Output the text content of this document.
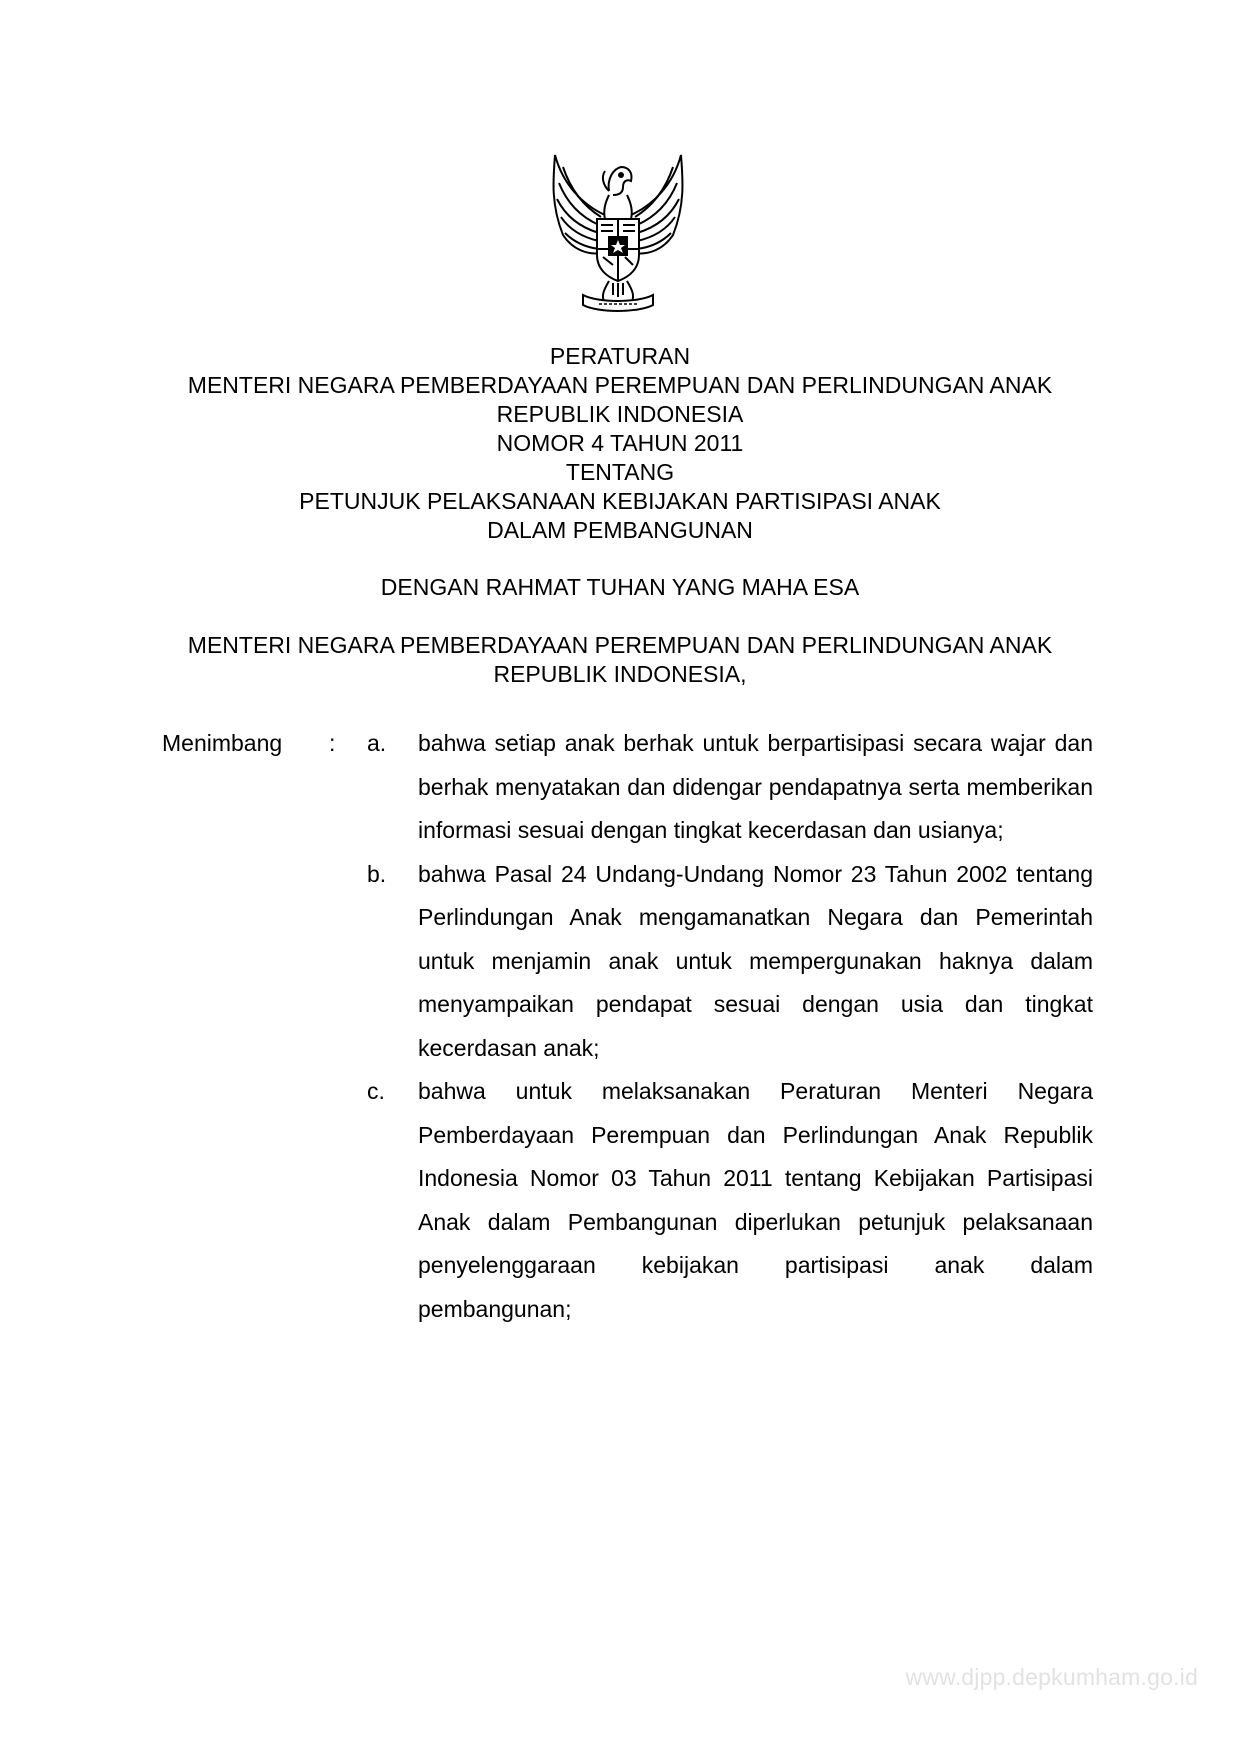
PERATURAN
MENTERI NEGARA PEMBERDAYAAN PEREMPUAN DAN PERLINDUNGAN ANAK
REPUBLIK INDONESIA
NOMOR 4 TAHUN 2011
TENTANG
PETUNJUK PELAKSANAAN KEBIJAKAN PARTISIPASI ANAK
DALAM PEMBANGUNAN
DENGAN RAHMAT TUHAN YANG MAHA ESA
MENTERI NEGARA PEMBERDAYAAN PEREMPUAN DAN PERLINDUNGAN ANAK
REPUBLIK INDONESIA,
Menimbang : a. bahwa setiap anak berhak untuk berpartisipasi secara wajar dan berhak menyatakan dan didengar pendapatnya serta memberikan informasi sesuai dengan tingkat kecerdasan dan usianya;
b. bahwa Pasal 24 Undang-Undang Nomor 23 Tahun 2002 tentang Perlindungan Anak mengamanatkan Negara dan Pemerintah untuk menjamin anak untuk mempergunakan haknya dalam menyampaikan pendapat sesuai dengan usia dan tingkat kecerdasan anak;
c. bahwa untuk melaksanakan Peraturan Menteri Negara Pemberdayaan Perempuan dan Perlindungan Anak Republik Indonesia Nomor 03 Tahun 2011 tentang Kebijakan Partisipasi Anak dalam Pembangunan diperlukan petunjuk pelaksanaan penyelenggaraan kebijakan partisipasi anak dalam pembangunan;
www.djpp.depkumham.go.id
